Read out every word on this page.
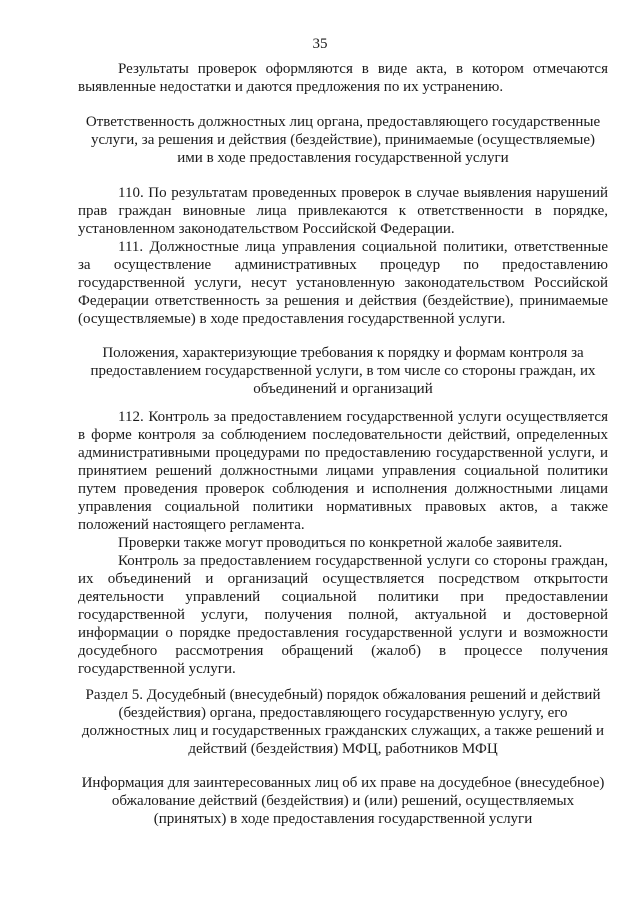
35

Результаты проверок оформляются в виде акта, в котором отмечаются выявленные недостатки и даются предложения по их устранению.

Ответственность должностных лиц органа, предоставляющего государственные услуги, за решения и действия (бездействие), принимаемые (осуществляемые) ими в ходе предоставления государственной услуги

110. По результатам проведенных проверок в случае выявления нарушений прав граждан виновные лица привлекаются к ответственности в порядке, установленном законодательством Российской Федерации.

111. Должностные лица управления социальной политики, ответственные за осуществление административных процедур по предоставлению государственной услуги, несут установленную законодательством Российской Федерации ответственность за решения и действия (бездействие), принимаемые (осуществляемые) в ходе предоставления государственной услуги.

Положения, характеризующие требования к порядку и формам контроля за предоставлением государственной услуги, в том числе со стороны граждан, их объединений и организаций

112. Контроль за предоставлением государственной услуги осуществляется в форме контроля за соблюдением последовательности действий, определенных административными процедурами по предоставлению государственной услуги, и принятием решений должностными лицами управления социальной политики путем проведения проверок соблюдения и исполнения должностными лицами управления социальной политики нормативных правовых актов, а также положений настоящего регламента.

Проверки также могут проводиться по конкретной жалобе заявителя.

Контроль за предоставлением государственной услуги со стороны граждан, их объединений и организаций осуществляется посредством открытости деятельности управлений социальной политики при предоставлении государственной услуги, получения полной, актуальной и достоверной информации о порядке предоставления государственной услуги и возможности досудебного рассмотрения обращений (жалоб) в процессе получения государственной услуги.

Раздел 5. Досудебный (внесудебный) порядок обжалования решений и действий (бездействия) органа, предоставляющего государственную услугу, его должностных лиц и государственных гражданских служащих, а также решений и действий (бездействия) МФЦ, работников МФЦ

Информация для заинтересованных лиц об их праве на досудебное (внесудебное) обжалование действий (бездействия) и (или) решений, осуществляемых (принятых) в ходе предоставления государственной услуги
